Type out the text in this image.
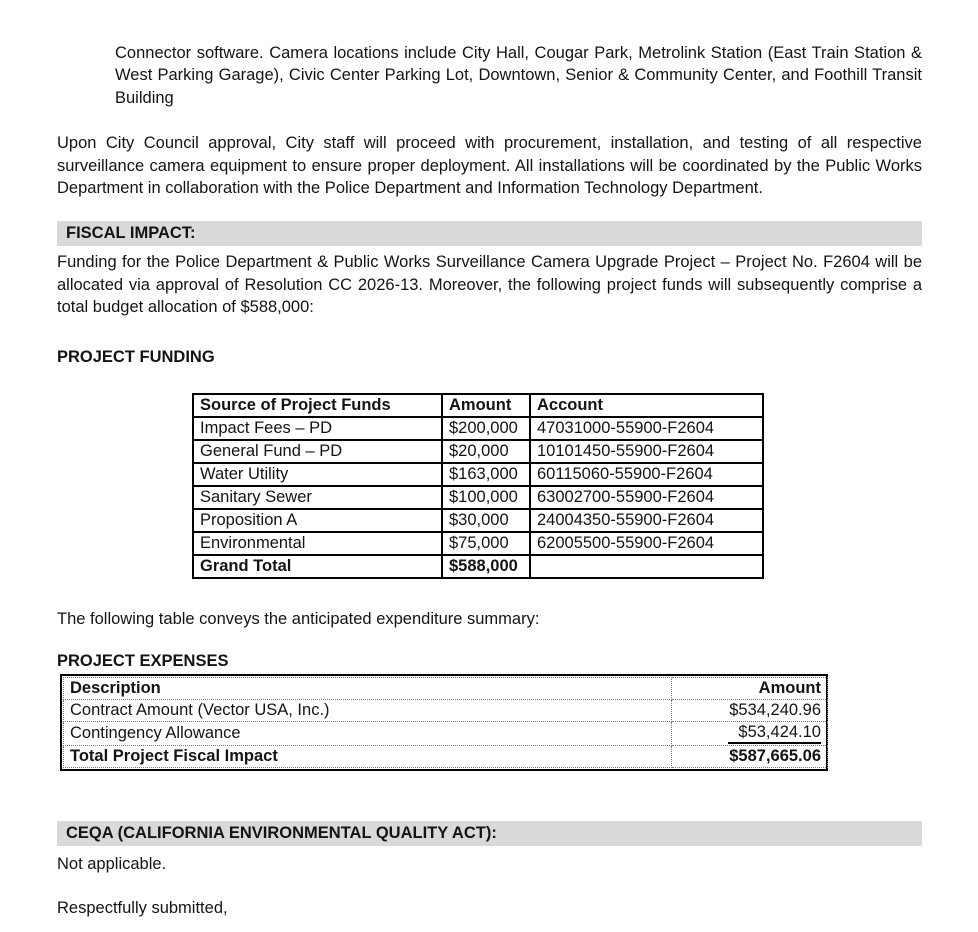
Connector software. Camera locations include City Hall, Cougar Park, Metrolink Station (East Train Station & West Parking Garage), Civic Center Parking Lot, Downtown, Senior & Community Center, and Foothill Transit Building

Upon City Council approval, City staff will proceed with procurement, installation, and testing of all respective surveillance camera equipment to ensure proper deployment. All installations will be coordinated by the Public Works Department in collaboration with the Police Department and Information Technology Department.

FISCAL IMPACT:

Funding for the Police Department & Public Works Surveillance Camera Upgrade Project – Project No. F2604 will be allocated via approval of Resolution CC 2026-13. Moreover, the following project funds will subsequently comprise a total budget allocation of $588,000:

PROJECT FUNDING
Source of Project Funds	Amount	Account
Impact Fees – PD	$200,000	47031000-55900-F2604
General Fund – PD	$20,000	10101450-55900-F2604
Water Utility	$163,000	60115060-55900-F2604
Sanitary Sewer	$100,000	63002700-55900-F2604
Proposition A	$30,000	24004350-55900-F2604
Environmental	$75,000	62005500-55900-F2604
Grand Total	$588,000	

The following table conveys the anticipated expenditure summary:

PROJECT EXPENSES
Description	Amount
Contract Amount (Vector USA, Inc.)	$534,240.96
Contingency Allowance	$53,424.10
Total Project Fiscal Impact	$587,665.06
CEQA (CALIFORNIA ENVIRONMENTAL QUALITY ACT):

Not applicable.

Respectfully submitted,
